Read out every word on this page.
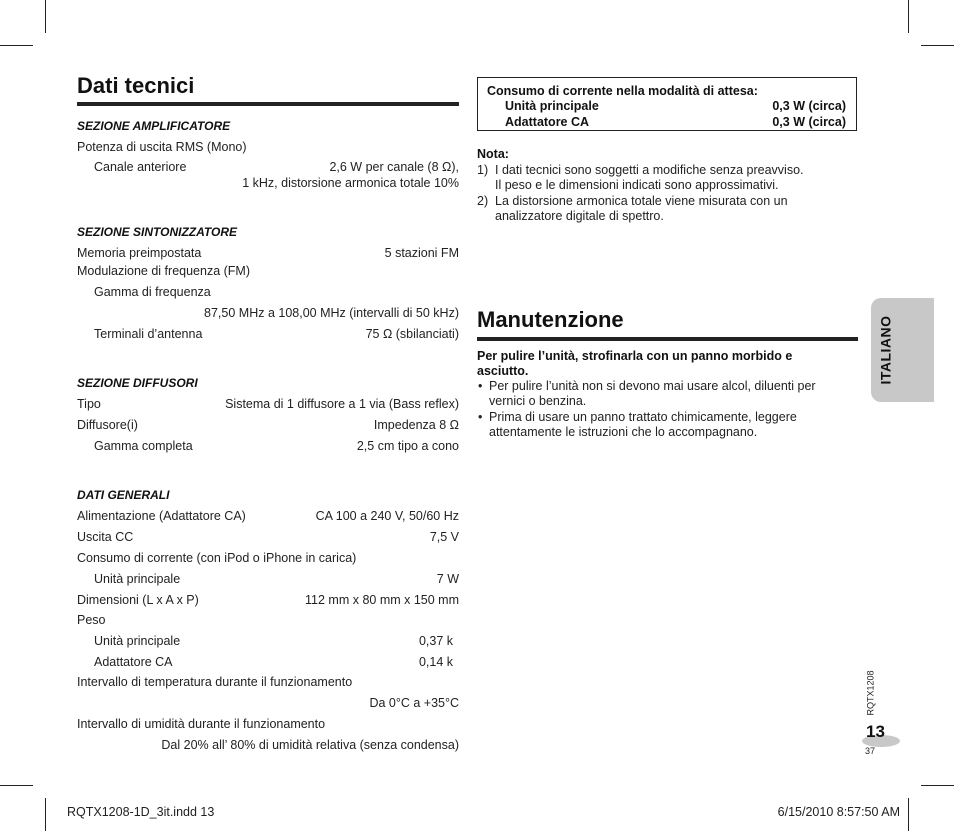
Dati tecnici
SEZIONE AMPLIFICATORE
Potenza di uscita RMS (Mono)
Canale anteriore	2,6 W per canale (8 Ω),
1 kHz, distorsione armonica totale 10%
SEZIONE SINTONIZZATORE
Memoria preimpostata	5 stazioni FM
Modulazione di frequenza (FM)
Gamma di frequenza
87,50 MHz a 108,00 MHz (intervalli di 50 kHz)
Terminali d’antenna	75 Ω (sbilanciati)
SEZIONE DIFFUSORI
Tipo	Sistema di 1 diffusore a 1 via (Bass reflex)
Diffusore(i)	Impedenza 8 Ω
Gamma completa	2,5 cm tipo a cono
DATI GENERALI
Alimentazione (Adattatore CA)	CA 100 a 240 V, 50/60 Hz
Uscita CC	7,5 V
Consumo di corrente (con iPod o iPhone in carica)
Unità principale	7 W
Dimensioni (L x A x P)	112 mm x 80 mm x 150 mm
Peso
Unità principale	0,37 k
Adattatore CA	0,14 k
Intervallo di temperatura durante il funzionamento
Da 0°C a +35°C
Intervallo di umidità durante il funzionamento
Dal 20% all’ 80% di umidità relativa (senza condensa)
Consumo di corrente nella modalità di attesa:
Unità principale	0,3 W (circa)
Adattatore CA	0,3 W (circa)
Nota:
1) I dati tecnici sono soggetti a modifiche senza preavviso.
Il peso e le dimensioni indicati sono approssimativi.
2) La distorsione armonica totale viene misurata con un
analizzatore digitale di spettro.
Manutenzione
Per pulire l’unità, strofinarla con un panno morbido e
asciutto.
• Per pulire l’unità non si devono mai usare alcol, diluenti per
vernici o benzina.
• Prima di usare un panno trattato chimicamente, leggere
attentamente le istruzioni che lo accompagnano.
ITALIANO
RQTX1208
13
37
RQTX1208-1D_3it.indd 13	6/15/2010 8:57:50 AM
